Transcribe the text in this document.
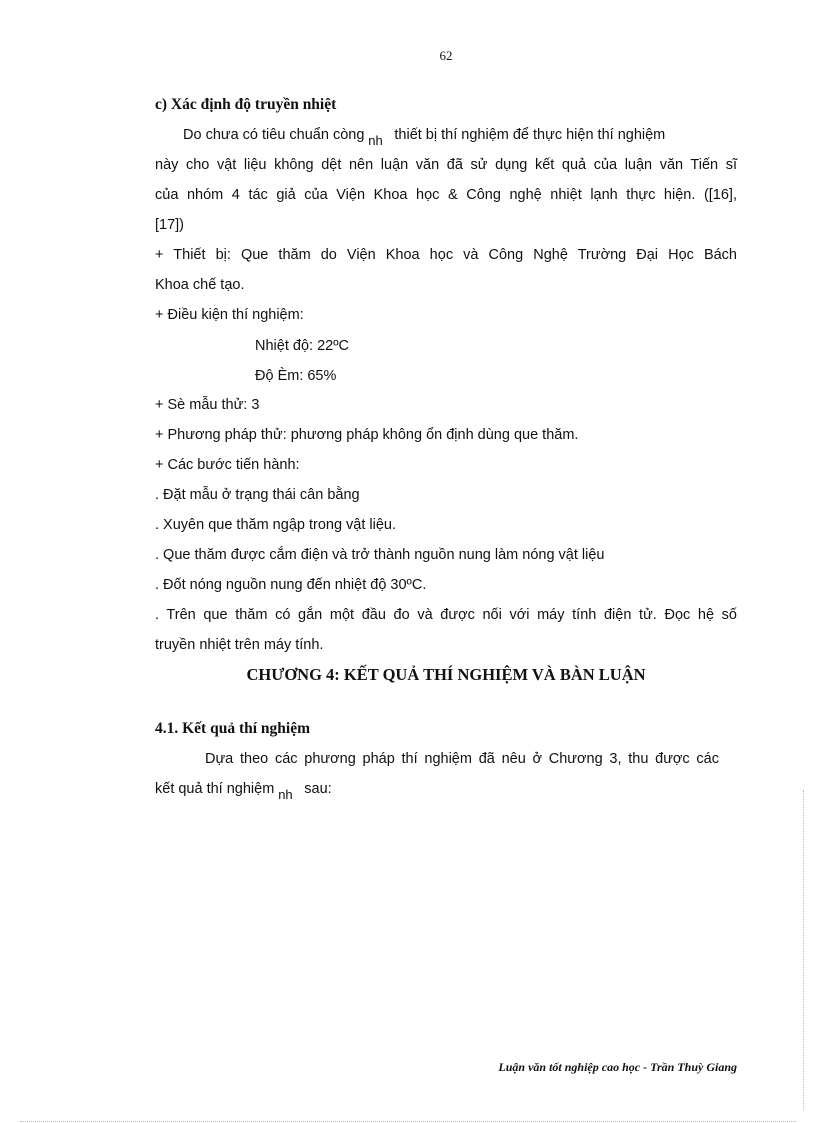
62
c) Xác định độ truyền nhiệt
Do chưa có tiêu chuẩn còng $_{nh}$ thiết bị thí nghiệm để thực hiện thí nghiệm
này cho vật liệu không dệt nên luận văn đã sử dụng kết quả của luận văn Tiến sĩ
của nhóm 4 tác giả của Viện Khoa học & Công nghệ nhiệt lạnh thực hiện. ([16],
[17])
+ Thiết bị: Que thăm do Viện Khoa học và Công Nghệ Trường Đại Học Bách
Khoa chế tạo.
+ Điều kiện thí nghiệm:
Nhiệt độ: 22ºC
Độ Èm: 65%
+ Sè mẫu thử: 3
+ Phương pháp thử: phương pháp không ổn định dùng que thăm.
+ Các bước tiến hành:
. Đặt mẫu ở trạng thái cân bằng
. Xuyên que thăm ngập trong vật liệu.
. Que thăm được cắm điện và trở thành nguồn nung làm nóng vật liệu
. Đốt nóng nguồn nung đến nhiệt độ 30ºC.
. Trên que thăm có gắn một đầu đo và được nối với máy tính điện tử. Đọc hệ số
truyền nhiệt trên máy tính.
CHƯƠNG 4: KẾT QUẢ THÍ NGHIỆM VÀ BÀN LUẬN
4.1. Kết quả thí nghiệm
Dựa theo các phương pháp thí nghiệm đã nêu ở Chương 3, thu được các
kết quả thí nghiệm $_{nh}$ sau:
Luận văn tốt nghiệp cao học - Trần Thuỳ Giang
